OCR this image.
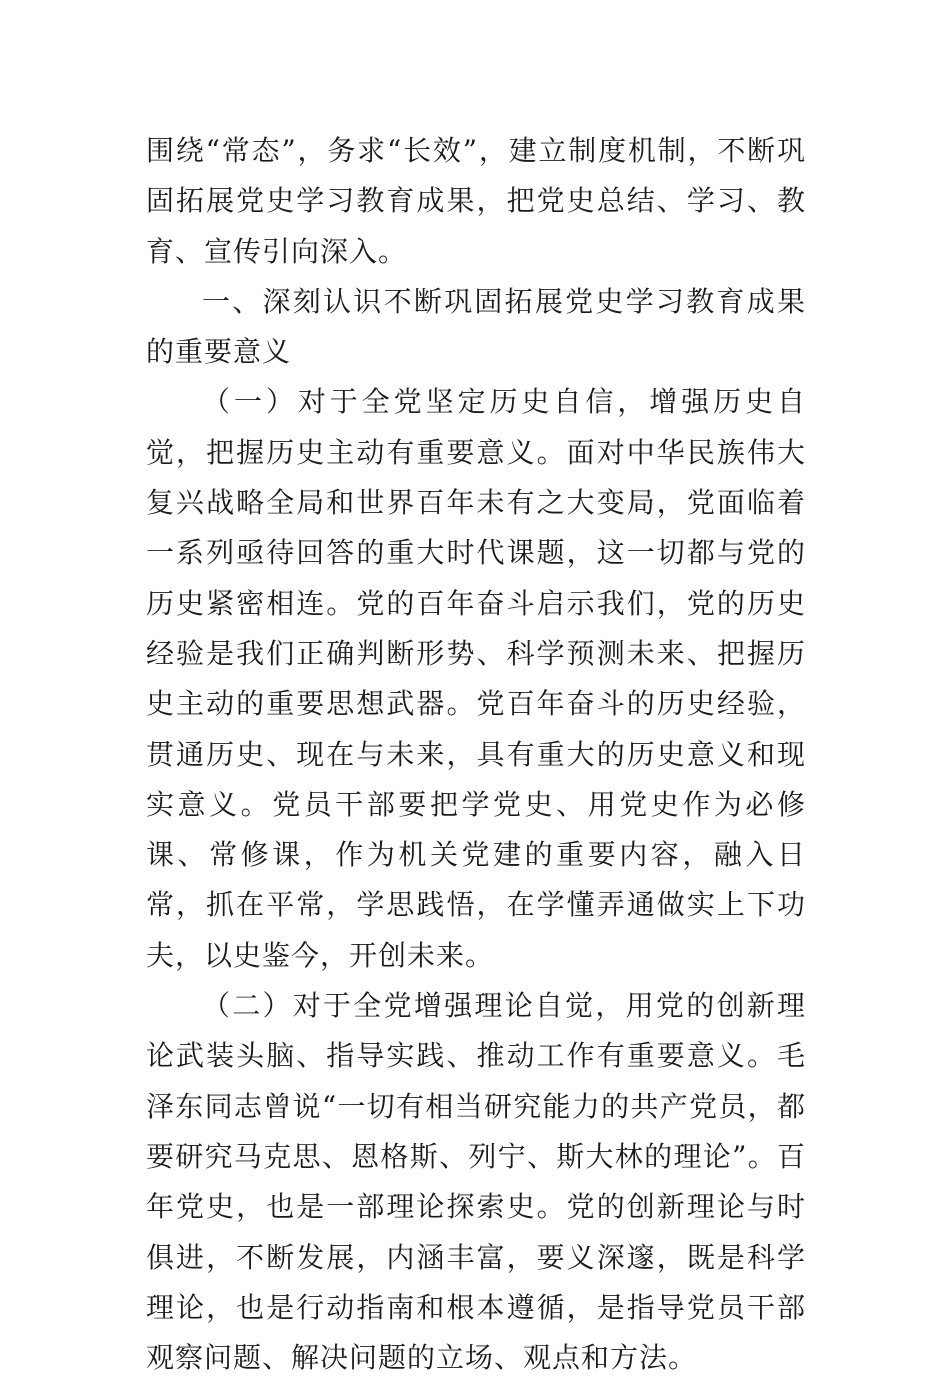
围绕“常态”，务求“长效”，建立制度机制，不断巩固拓展党史学习教育成果，把党史总结、学习、教育、宣传引向深入。

一、深刻认识不断巩固拓展党史学习教育成果的重要意义

（一）对于全党坚定历史自信，增强历史自觉，把握历史主动有重要意义。面对中华民族伟大复兴战略全局和世界百年未有之大变局，党面临着一系列亟待回答的重大时代课题，这一切都与党的历史紧密相连。党的百年奋斗启示我们，党的历史经验是我们正确判断形势、科学预测未来、把握历史主动的重要思想武器。党百年奋斗的历史经验，贯通历史、现在与未来，具有重大的历史意义和现实意义。党员干部要把学党史、用党史作为必修课、常修课，作为机关党建的重要内容，融入日常，抓在平常，学思践悟，在学懂弄通做实上下功夫，以史鉴今，开创未来。

（二）对于全党增强理论自觉，用党的创新理论武装头脑、指导实践、推动工作有重要意义。毛泽东同志曾说“一切有相当研究能力的共产党员，都要研究马克思、恩格斯、列宁、斯大林的理论”。百年党史，也是一部理论探索史。党的创新理论与时俱进，不断发展，内涵丰富，要义深邃，既是科学理论，也是行动指南和根本遵循，是指导党员干部观察问题、解决问题的立场、观点和方法。
